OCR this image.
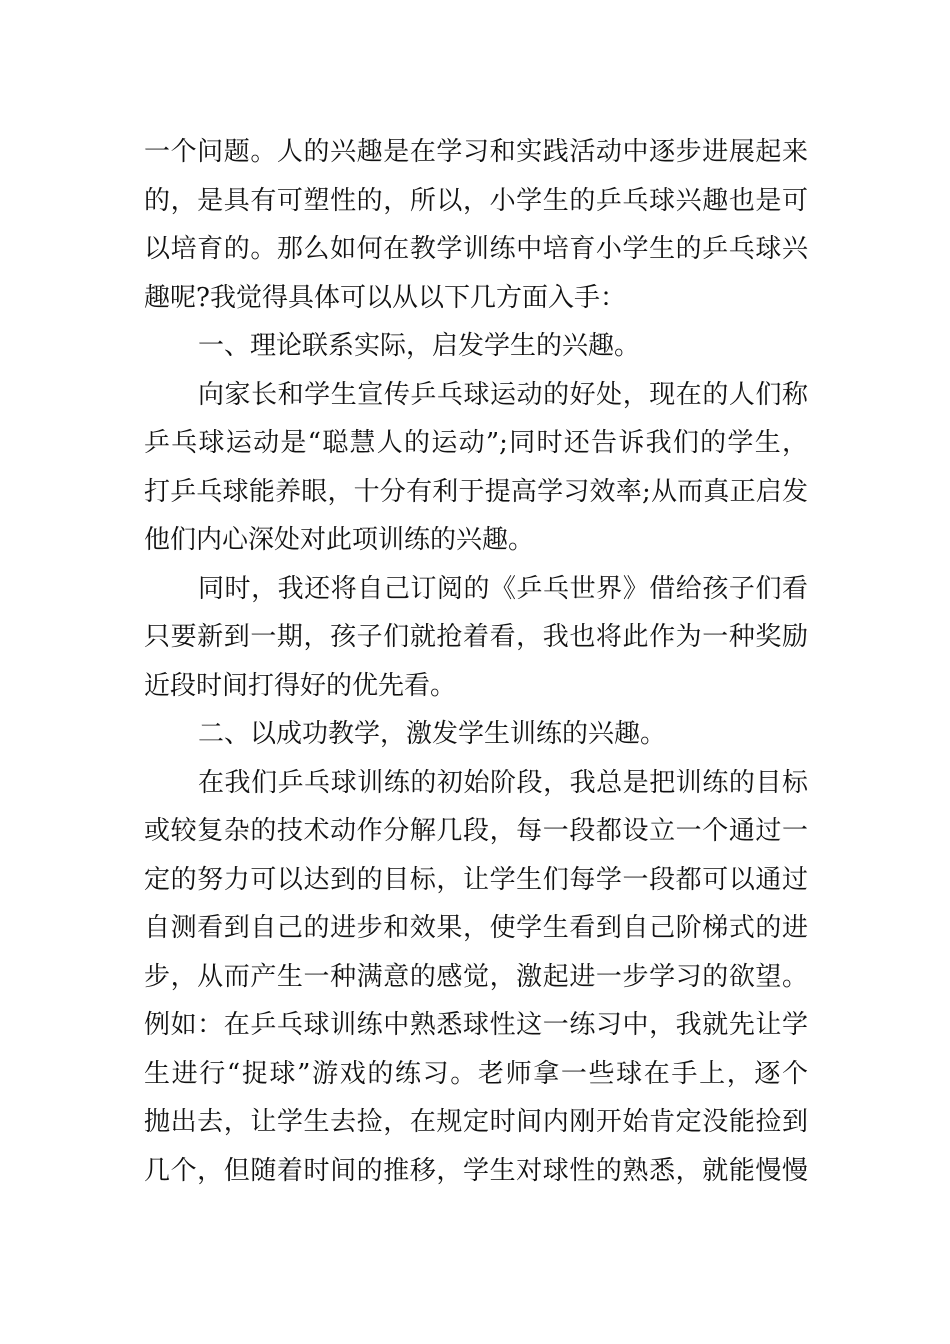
一个问题。人的兴趣是在学习和实践活动中逐步进展起来
的，是具有可塑性的，所以，小学生的乒乓球兴趣也是可
以培育的。那么如何在教学训练中培育小学生的乒乓球兴
趣呢?我觉得具体可以从以下几方面入手：
一、理论联系实际，启发学生的兴趣。
向家长和学生宣传乒乓球运动的好处，现在的人们称
乒乓球运动是“聪慧人的运动”;同时还告诉我们的学生，
打乒乓球能养眼，十分有利于提高学习效率;从而真正启发
他们内心深处对此项训练的兴趣。
同时，我还将自己订阅的《乒乓世界》借给孩子们看
只要新到一期，孩子们就抢着看，我也将此作为一种奖励
近段时间打得好的优先看。
二、以成功教学，激发学生训练的兴趣。
在我们乒乓球训练的初始阶段，我总是把训练的目标
或较复杂的技术动作分解几段，每一段都设立一个通过一
定的努力可以达到的目标，让学生们每学一段都可以通过
自测看到自己的进步和效果，使学生看到自己阶梯式的进
步，从而产生一种满意的感觉，激起进一步学习的欲望。
例如：在乒乓球训练中熟悉球性这一练习中，我就先让学
生进行“捉球”游戏的练习。老师拿一些球在手上，逐个
抛出去，让学生去捡，在规定时间内刚开始肯定没能捡到
几个，但随着时间的推移，学生对球性的熟悉，就能慢慢
